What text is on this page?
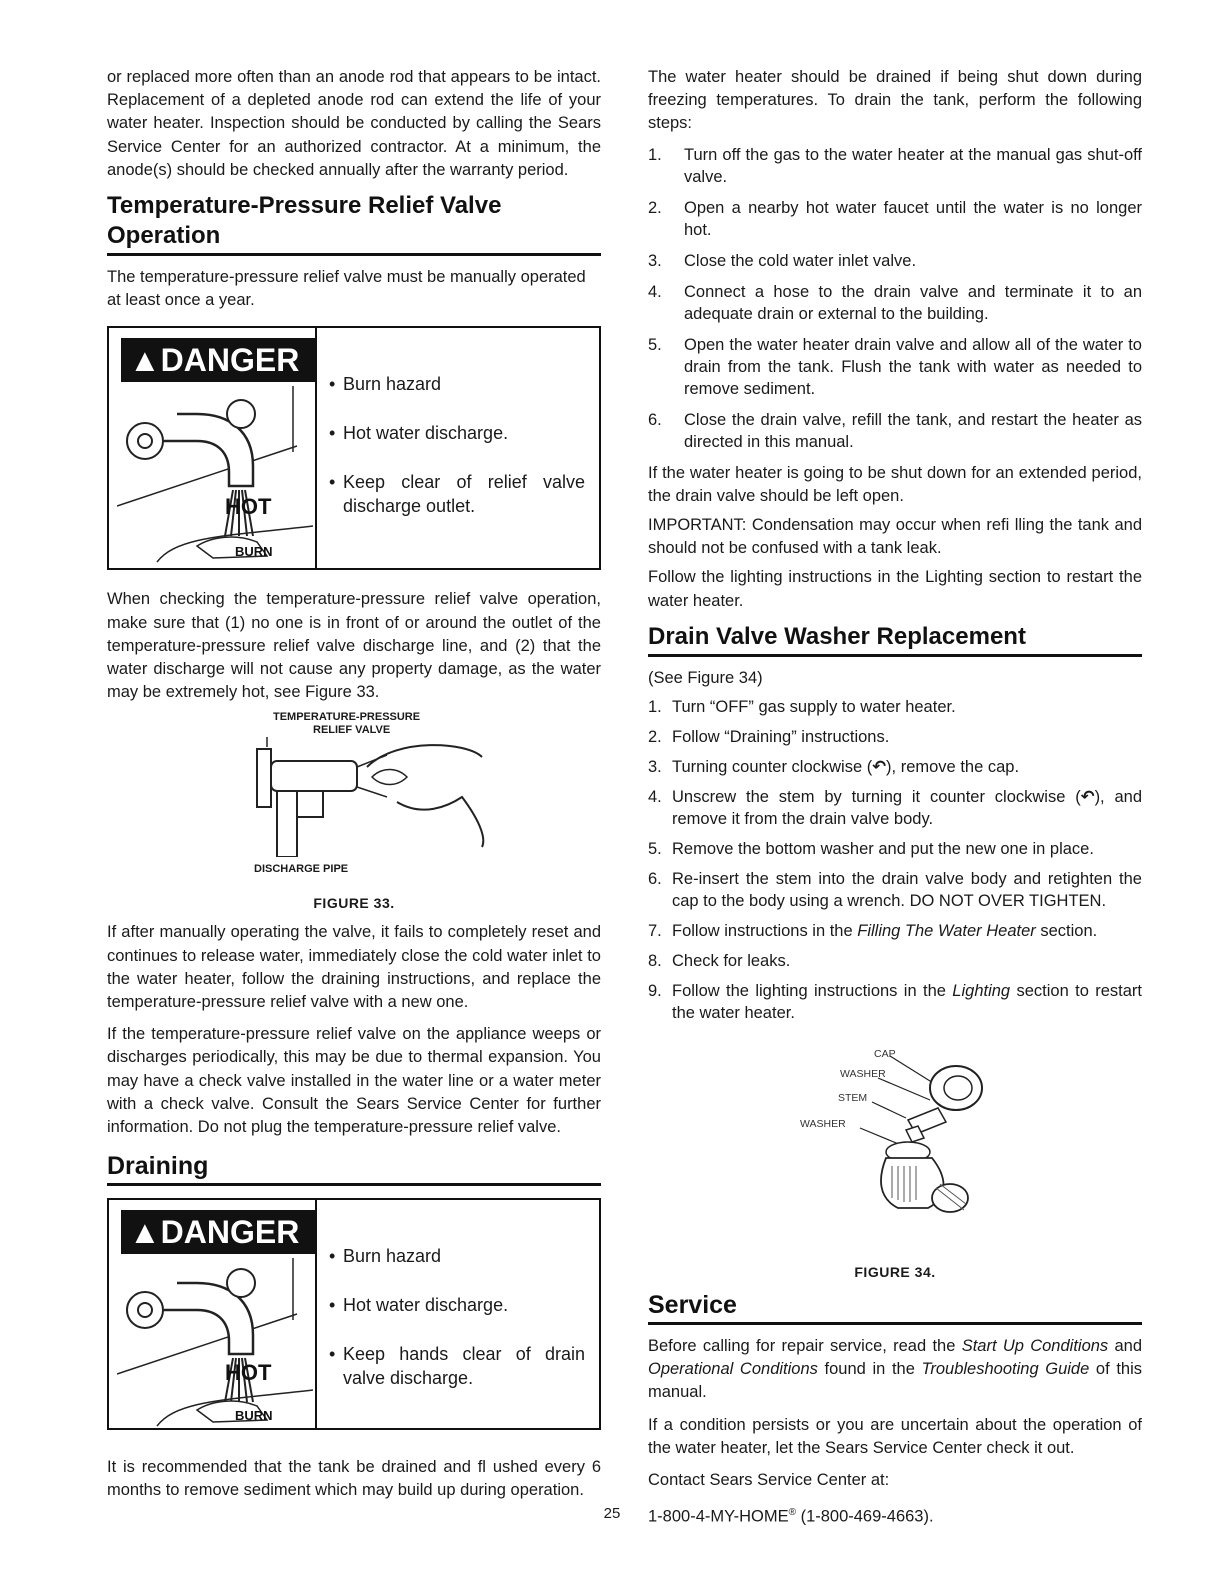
or replaced more often than an anode rod that appears to be intact. Replacement of a depleted anode rod can extend the life of your water heater. Inspection should be conducted by calling the Sears Service Center for an authorized contractor. At a minimum, the anode(s) should be checked annually after the warranty period.

Temperature-Pressure Relief Valve Operation

The temperature-pressure relief valve must be manually operated at least once a year.

▲DANGER
HOT
BURN
• Burn hazard
• Hot water discharge.
• Keep clear of relief valve discharge outlet.

When checking the temperature-pressure relief valve operation, make sure that (1) no one is in front of or around the outlet of the temperature-pressure relief valve discharge line, and (2) that the water discharge will not cause any property damage, as the water may be extremely hot, see Figure 33.

TEMPERATURE-PRESSURE
RELIEF VALVE
DISCHARGE PIPE
FIGURE 33.

If after manually operating the valve, it fails to completely reset and continues to release water, immediately close the cold water inlet to the water heater, follow the draining instructions, and replace the temperature-pressure relief valve with a new one.

If the temperature-pressure relief valve on the appliance weeps or discharges periodically, this may be due to thermal expansion. You may have a check valve installed in the water line or a water meter with a check valve. Consult the Sears Service Center for further information. Do not plug the temperature-pressure relief valve.

Draining
▲DANGER
HOT
BURN
• Burn hazard
• Hot water discharge.
• Keep hands clear of drain valve discharge.

It is recommended that the tank be drained and fl ushed every 6 months to remove sediment which may build up during operation.

The water heater should be drained if being shut down during freezing temperatures. To drain the tank, perform the following steps:

1. Turn off the gas to the water heater at the manual gas shut-off valve.
2. Open a nearby hot water faucet until the water is no longer hot.
3. Close the cold water inlet valve.
4. Connect a hose to the drain valve and terminate it to an adequate drain or external to the building.
5. Open the water heater drain valve and allow all of the water to drain from the tank. Flush the tank with water as needed to remove sediment.
6. Close the drain valve, refill the tank, and restart the heater as directed in this manual.

If the water heater is going to be shut down for an extended period, the drain valve should be left open.

IMPORTANT: Condensation may occur when refi lling the tank and should not be confused with a tank leak.

Follow the lighting instructions in the Lighting section to restart the water heater.

Drain Valve Washer Replacement

(See Figure 34)

1. Turn “OFF” gas supply to water heater.
2. Follow “Draining” instructions.
3. Turning counter clockwise (↶), remove the cap.
4. Unscrew the stem by turning it counter clockwise (↶), and remove it from the drain valve body.
5. Remove the bottom washer and put the new one in place.
6. Re-insert the stem into the drain valve body and retighten the cap to the body using a wrench. DO NOT OVER TIGHTEN.
7. Follow instructions in the Filling The Water Heater section.
8. Check for leaks.
9. Follow the lighting instructions in the Lighting section to restart the water heater.
CAP
WASHER
STEM
WASHER
FIGURE 34.
Service

Before calling for repair service, read the Start Up Conditions and Operational Conditions found in the Troubleshooting Guide of this manual.

If a condition persists or you are uncertain about the operation of the water heater, let the Sears Service Center check it out.

Contact Sears Service Center at:

1-800-4-MY-HOME® (1-800-469-4663).

25
